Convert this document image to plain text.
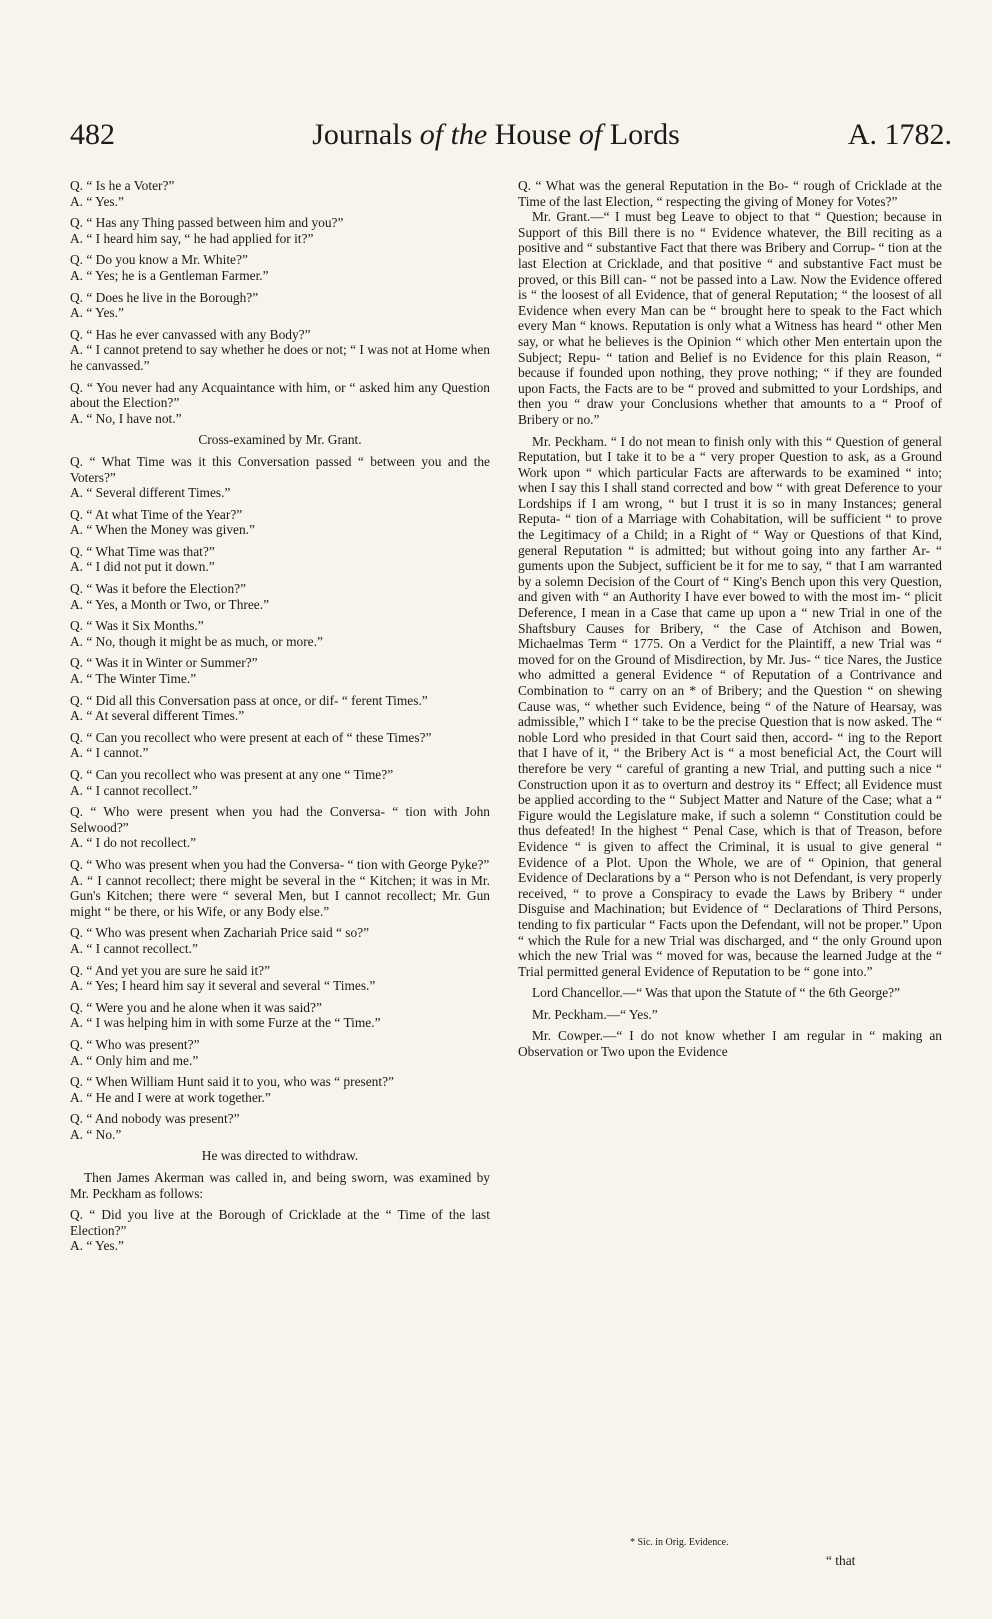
482	Journals of the House of Lords	A. 1782.

Q. “ Is he a Voter?”

A. “ Yes.”

Q. “ Has any Thing passed between him and you?”

A. “ I heard him say, “ he had applied for it?”

Q. “ Do you know a Mr. White?”

A. “ Yes; he is a Gentleman Farmer.”

Q. “ Does he live in the Borough?”

A. “ Yes.”

Q. “ Has he ever canvassed with any Body?”

A. “ I cannot pretend to say whether he does or not; “ I was not at Home when he canvassed.”

Q. “ You never had any Acquaintance with him, or “ asked him any Question about the Election?”

A. “ No, I have not.”

Cross-examined by Mr. Grant.

Q. “ What Time was it this Conversation passed “ between you and the Voters?”

A. “ Several different Times.”

Q. “ At what Time of the Year?”

A. “ When the Money was given.”

Q. “ What Time was that?”

A. “ I did not put it down.”

Q. “ Was it before the Election?”

A. “ Yes, a Month or Two, or Three.”

Q. “ Was it Six Months.”

A. “ No, though it might be as much, or more.”

Q. “ Was it in Winter or Summer?”

A. “ The Winter Time.”

Q. “ Did all this Conversation pass at once, or dif- “ ferent Times.”

A. “ At several different Times.”

Q. “ Can you recollect who were present at each of “ these Times?”

A. “ I cannot.”

Q. “ Can you recollect who was present at any one “ Time?”

A. “ I cannot recollect.”

Q. “ Who were present when you had the Conversa- “ tion with John Selwood?”

A. “ I do not recollect.”

Q. “ Who was present when you had the Conversa- “ tion with George Pyke?”

A. “ I cannot recollect; there might be several in the “ Kitchen; it was in Mr. Gun's Kitchen; there were “ several Men, but I cannot recollect; Mr. Gun might “ be there, or his Wife, or any Body else.”

Q. “ Who was present when Zachariah Price said “ so?”

A. “ I cannot recollect.”

Q. “ And yet you are sure he said it?”

A. “ Yes; I heard him say it several and several “ Times.”

Q. “ Were you and he alone when it was said?”

A. “ I was helping him in with some Furze at the “ Time.”

Q. “ Who was present?”

A. “ Only him and me.”

Q. “ When William Hunt said it to you, who was “ present?”

A. “ He and I were at work together.”

Q. “ And nobody was present?”

A. “ No.”

He was directed to withdraw.

Then James Akerman was called in, and being sworn, was examined by Mr. Peckham as follows:

Q. “ Did you live at the Borough of Cricklade at the “ Time of the last Election?”

A. “ Yes.”

Q. “ What was the general Reputation in the Bo- “ rough of Cricklade at the Time of the last Election, “ respecting the giving of Money for Votes?”

Mr. Grant.—“ I must beg Leave to object to that “ Question; because in Support of this Bill there is no “ Evidence whatever, the Bill reciting as a positive and “ substantive Fact that there was Bribery and Corrup- “ tion at the last Election at Cricklade, and that positive “ and substantive Fact must be proved, or this Bill can- “ not be passed into a Law. Now the Evidence offered is “ the loosest of all Evidence, that of general Reputation; “ the loosest of all Evidence when every Man can be “ brought here to speak to the Fact which every Man “ knows. Reputation is only what a Witness has heard “ other Men say, or what he believes is the Opinion “ which other Men entertain upon the Subject; Repu- “ tation and Belief is no Evidence for this plain Reason, “ because if founded upon nothing, they prove nothing; “ if they are founded upon Facts, the Facts are to be “ proved and submitted to your Lordships, and then you “ draw your Conclusions whether that amounts to a “ Proof of Bribery or no.”

Mr. Peckham. “ I do not mean to finish only with this “ Question of general Reputation, but I take it to be a “ very proper Question to ask, as a Ground Work upon “ which particular Facts are afterwards to be examined “ into; when I say this I shall stand corrected and bow “ with great Deference to your Lordships if I am wrong, “ but I trust it is so in many Instances; general Reputa- “ tion of a Marriage with Cohabitation, will be sufficient “ to prove the Legitimacy of a Child; in a Right of “ Way or Questions of that Kind, general Reputation “ is admitted; but without going into any farther Ar- “ guments upon the Subject, sufficient be it for me to say, “ that I am warranted by a solemn Decision of the Court of “ King's Bench upon this very Question, and given with “ an Authority I have ever bowed to with the most im- “ plicit Deference, I mean in a Case that came up upon a “ new Trial in one of the Shaftsbury Causes for Bribery, “ the Case of Atchison and Bowen, Michaelmas Term “ 1775. On a Verdict for the Plaintiff, a new Trial was “ moved for on the Ground of Misdirection, by Mr. Jus- “ tice Nares, the Justice who admitted a general Evidence “ of Reputation of a Contrivance and Combination to “ carry on an * of Bribery; and the Question “ on shewing Cause was, “ whether such Evidence, being “ of the Nature of Hearsay, was admissible,” which I “ take to be the precise Question that is now asked. The “ noble Lord who presided in that Court said then, accord- “ ing to the Report that I have of it, “ the Bribery Act is “ a most beneficial Act, the Court will therefore be very “ careful of granting a new Trial, and putting such a nice “ Construction upon it as to overturn and destroy its “ Effect; all Evidence must be applied according to the “ Subject Matter and Nature of the Case; what a “ Figure would the Legislature make, if such a solemn “ Constitution could be thus defeated! In the highest “ Penal Case, which is that of Treason, before Evidence “ is given to affect the Criminal, it is usual to give general “ Evidence of a Plot. Upon the Whole, we are of “ Opinion, that general Evidence of Declarations by a “ Person who is not Defendant, is very properly received, “ to prove a Conspiracy to evade the Laws by Bribery “ under Disguise and Machination; but Evidence of “ Declarations of Third Persons, tending to fix particular “ Facts upon the Defendant, will not be proper.” Upon “ which the Rule for a new Trial was discharged, and “ the only Ground upon which the new Trial was “ moved for was, because the learned Judge at the “ Trial permitted general Evidence of Reputation to be “ gone into.”

Lord Chancellor.—“ Was that upon the Statute of “ the 6th George?”

Mr. Peckham.—“ Yes.”

Mr. Cowper.—“ I do not know whether I am regular in “ making an Observation or Two upon the Evidence

* Sic. in Orig. Evidence.
“ that
